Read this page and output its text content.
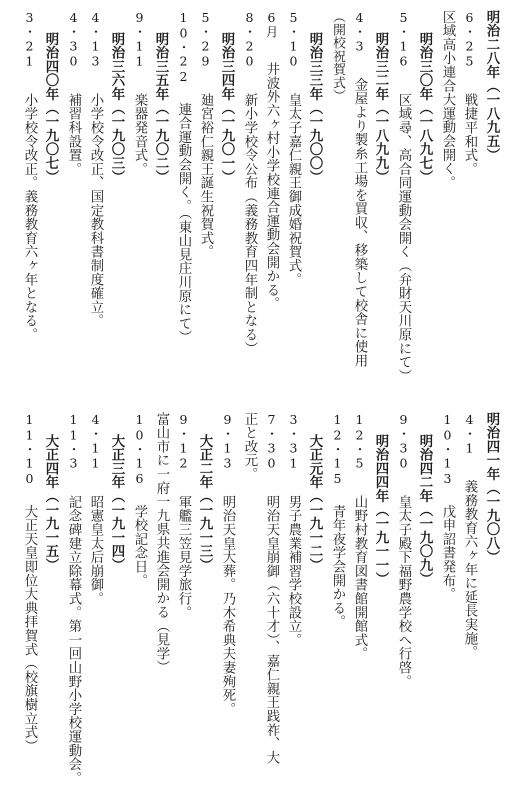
明治二八年（一八九五）
6・25戦捷平和式。
区域高小連合大運動会開く。
明治三〇年（一八九七）
5・16区域尋、高合同運動会開く（弁財天川原にて）
明治三二年（一八九九）
4・3金屋より製糸工場を買収、移築して校舎に使用
（開校祝賀式）
明治三三年（一九〇〇）
5・10皇太子嘉仁親王御成婚祝賀式。
6月井波外六ヶ村小学校連合運動会開かる。
8・20新小学校令公布（義務教育四年制となる）
明治三四年（一九〇一）
5・29廸宮裕仁親王誕生祝賀式。
10・22連合運動会開く。（東山見庄川原にて）
明治三五年（一九〇二）
9・11楽器発音式。
明治三六年（一九〇三）
4・13小学校令改正、国定教科書制度確立。
4・30補習科設置。
明治四〇年（一九〇七）
3・21小学校令改正。義務教育六ヶ年となる。
明治四一年（一九〇八）
4・1義務教育六ヶ年に延長実施。
10・13戊申詔書発布。
明治四二年（一九〇九）
9・30皇太子殿下福野農学校へ行啓。
明治四四年（一九一一）
12・5山野村教育図書館開館式。
12・15青年夜学会開かる。
大正元年（一九一二）
3・31男子農業補習学校設立。
7・30明治天皇崩御（六十才）、嘉仁親王践祚、大
正と改元。
9・13明治天皇大葬。乃木希典夫妻殉死。
大正二年（一九一三）
9・12軍艦三笠見学旅行。
富山市に一府一九県共進会開かる（見学）
10・16学校記念日。
大正三年（一九一四）
4・11昭憲皇太后崩御。
11・3記念碑建立除幕式。第一回山野小学校運動会。
大正四年（一九一五）
11・10大正天皇即位大典拝賀式（校旗樹立式）
